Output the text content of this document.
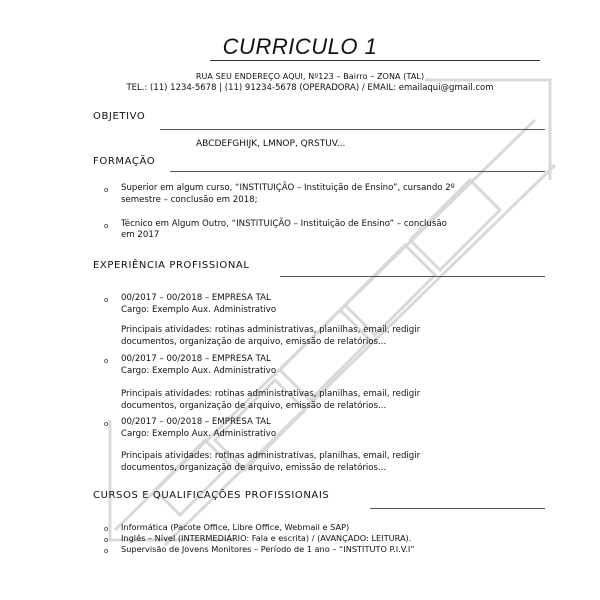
CURRICULO 1
RUA SEU ENDEREÇO AQUI, Nº123 – Bairro – ZONA (TAL)
TEL.: (11) 1234-5678 | (11) 91234-5678 (OPERADORA) / EMAIL: emailaqui@gmail.com
OBJETIVO
ABCDEFGHIJK, LMNOP, QRSTUV...
FORMAÇÃO
o Superior em algum curso, “INSTITUIÇÃO – Instituição de Ensino”, cursando 2º
semestre – conclusão em 2018;
o Técnico em Algum Outro, “INSTITUIÇÃO – Instituição de Ensino” – conclusão
em 2017
EXPERIÊNCIA PROFISSIONAL
o 00/2017 – 00/2018 – EMPRESA TAL
Cargo: Exemplo Aux. Administrativo
Principais atividades: rotinas administrativas, planilhas, email, redigir
documentos, organização de arquivo, emissão de relatórios...
o 00/2017 – 00/2018 – EMPRESA TAL
Cargo: Exemplo Aux. Administrativo
Principais atividades: rotinas administrativas, planilhas, email, redigir
documentos, organização de arquivo, emissão de relatórios...
o 00/2017 – 00/2018 – EMPRESA TAL
Cargo: Exemplo Aux. Administrativo
Principais atividades: rotinas administrativas, planilhas, email, redigir
documentos, organização de arquivo, emissão de relatórios...
CURSOS E QUALIFICAÇÕES PROFISSIONAIS
o Informática (Pacote Office, Libre Office, Webmail e SAP)
o Inglês – Nível (INTERMEDIÁRIO: Fala e escrita) / (AVANÇADO: LEITURA).
o Supervisão de Jovens Monitores – Período de 1 ano – “INSTITUTO P.I.V.I”
